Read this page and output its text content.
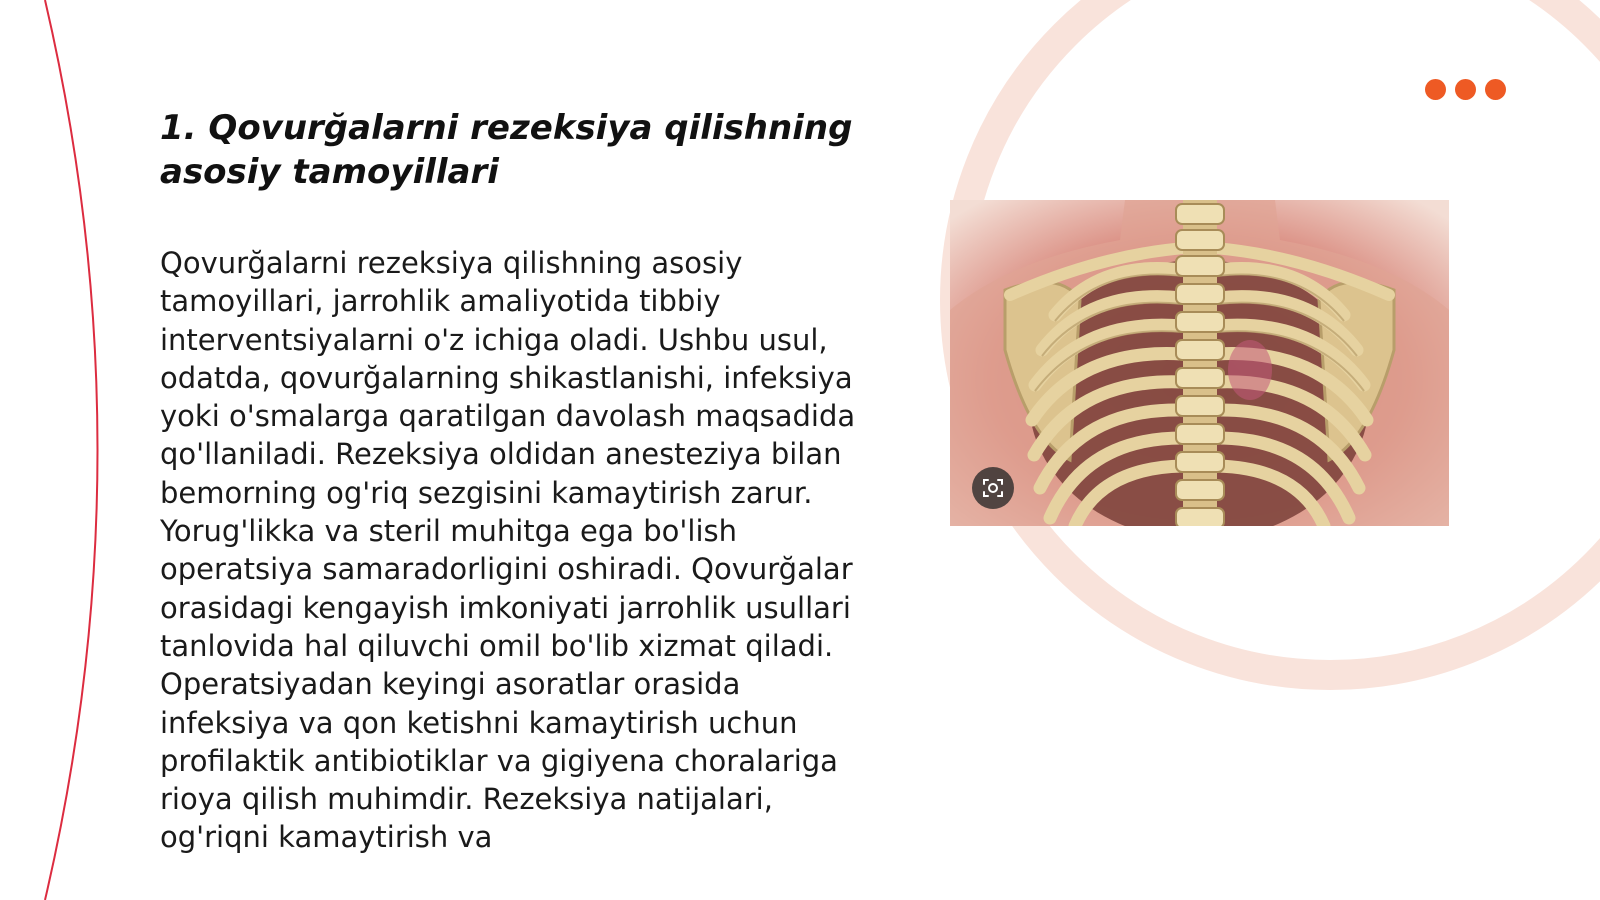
1. Qovurğalarni rezeksiya qilishning asosiy tamoyillari

Qovurğalarni rezeksiya qilishning asosiy tamoyillari, jarrohlik amaliyotida tibbiy interventsiyalarni o'z ichiga oladi. Ushbu usul, odatda, qovurğalarning shikastlanishi, infeksiya yoki o'smalarga qaratilgan davolash maqsadida qo'llaniladi. Rezeksiya oldidan anesteziya bilan bemorning og'riq sezgisini kamaytirish zarur. Yorug'likka va steril muhitga ega bo'lish operatsiya samaradorligini oshiradi. Qovurğalar orasidagi kengayish imkoniyati jarrohlik usullari tanlovida hal qiluvchi omil bo'lib xizmat qiladi. Operatsiyadan keyingi asoratlar orasida infeksiya va qon ketishni kamaytirish uchun profilaktik antibiotiklar va gigiyena choralariga rioya qilish muhimdir. Rezeksiya natijalari, og'riqni kamaytirish va
